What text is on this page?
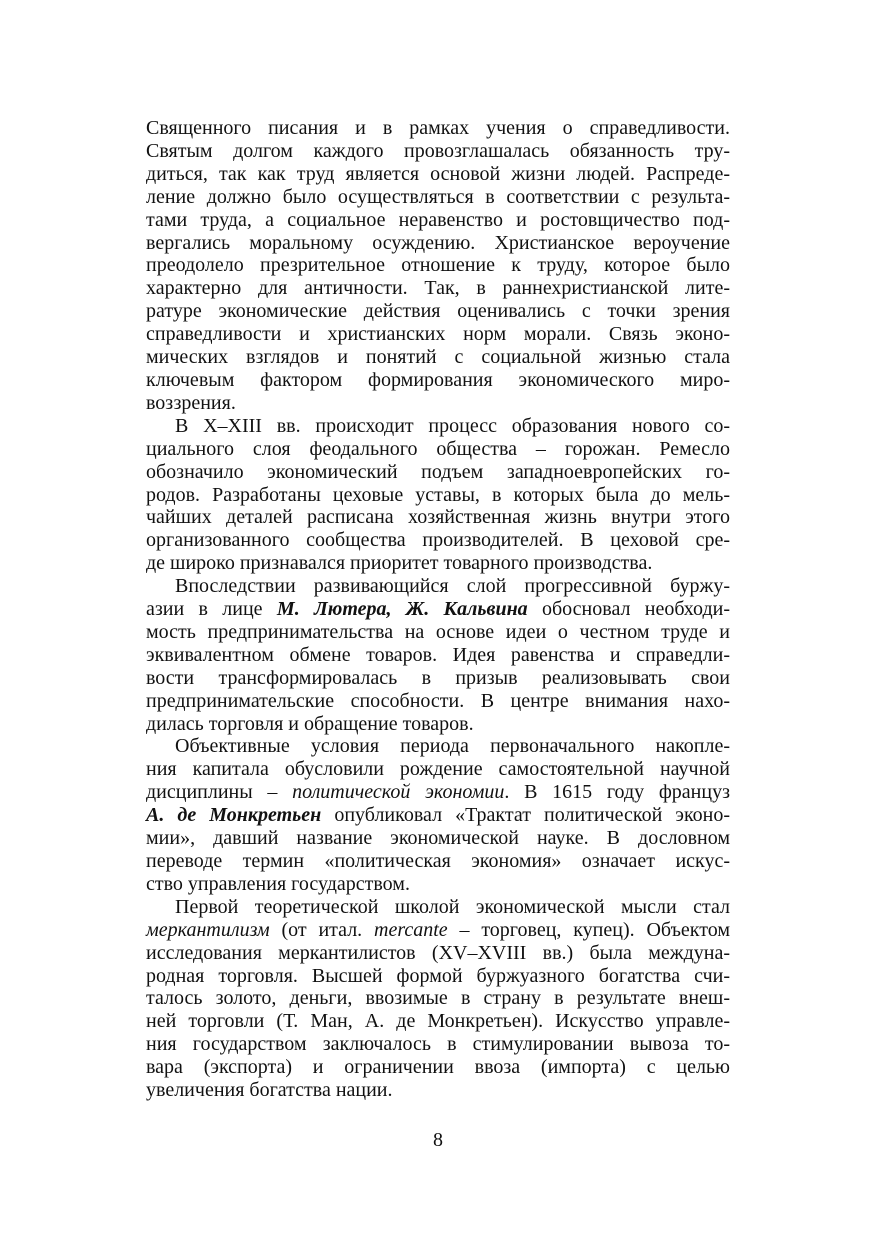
Священного писания и в рамках учения о справедливости.
Святым долгом каждого провозглашалась обязанность тру-
диться, так как труд является основой жизни людей. Распреде-
ление должно было осуществляться в соответствии с результа-
тами труда, а социальное неравенство и ростовщичество под-
вергались моральному осуждению. Христианское вероучение
преодолело презрительное отношение к труду, которое было
характерно для античности. Так, в раннехристианской лите-
ратуре экономические действия оценивались с точки зрения
справедливости и христианских норм морали. Связь эконо-
мических взглядов и понятий с социальной жизнью стала
ключевым фактором формирования экономического миро-
воззрения.
В X–XIII вв. происходит процесс образования нового со-
циального слоя феодального общества – горожан. Ремесло
обозначило экономический подъем западноевропейских го-
родов. Разработаны цеховые уставы, в которых была до мель-
чайших деталей расписана хозяйственная жизнь внутри этого
организованного сообщества производителей. В цеховой сре-
де широко признавался приоритет товарного производства.
Впоследствии развивающийся слой прогрессивной буржу-
азии в лице М. Лютера, Ж. Кальвина обосновал необходи-
мость предпринимательства на основе идеи о честном труде и
эквивалентном обмене товаров. Идея равенства и справедли-
вости трансформировалась в призыв реализовывать свои
предпринимательские способности. В центре внимания нахо-
дилась торговля и обращение товаров.
Объективные условия периода первоначального накопле-
ния капитала обусловили рождение самостоятельной научной
дисциплины – политической экономии. В 1615 году француз
А. де Монкретьен опубликовал «Трактат политической эконо-
мии», давший название экономической науке. В дословном
переводе термин «политическая экономия» означает искус-
ство управления государством.
Первой теоретической школой экономической мысли стал
меркантилизм (от итал. mercante – торговец, купец). Объектом
исследования меркантилистов (XV–XVIII вв.) была междуна-
родная торговля. Высшей формой буржуазного богатства счи-
талось золото, деньги, ввозимые в страну в результате внеш-
ней торговли (Т. Ман, А. де Монкретьен). Искусство управле-
ния государством заключалось в стимулировании вывоза то-
вара (экспорта) и ограничении ввоза (импорта) с целью
увеличения богатства нации.
8
